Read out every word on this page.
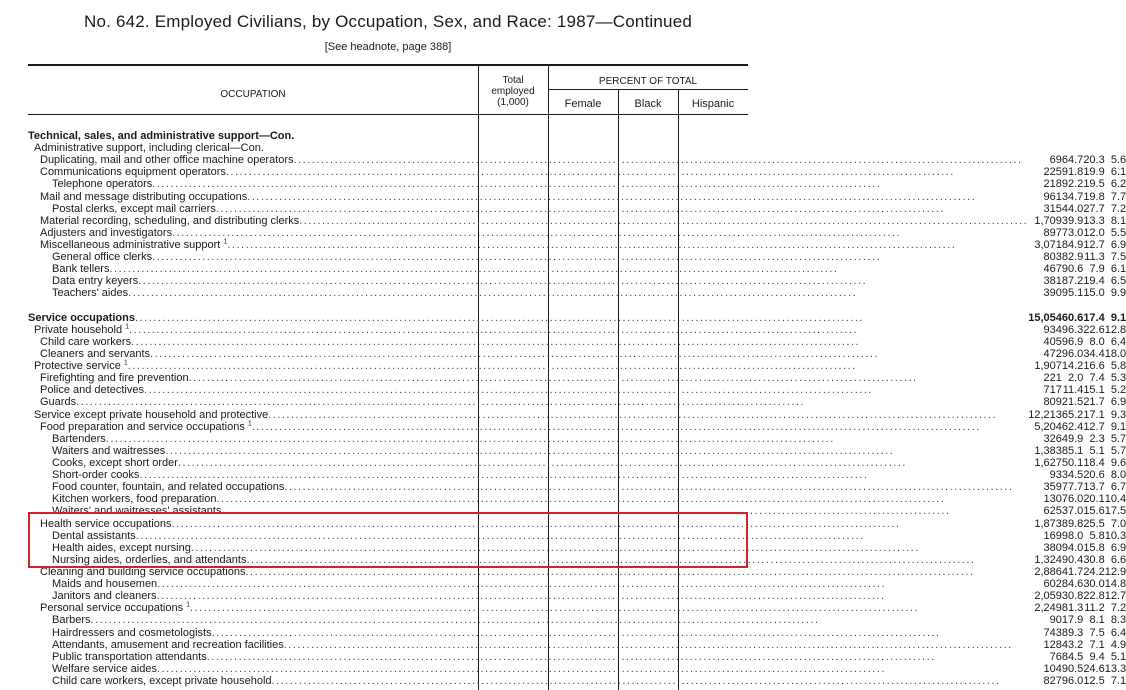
No. 642. Employed Civilians, by Occupation, Sex, and Race: 1987—Continued
[See headnote, page 388]
OCCUPATION
Total
employed
(1,000)
PERCENT OF TOTAL
Female	Black	Hispanic
Technical, sales, and administrative support—Con.				

Administrative support, including clerical—Con.				

Duplicating, mail and other office machine operators ................................................................................................................................................................	69	64.7	20.3	5.6

Communications equipment operators ................................................................................................................................................................	225	91.8	19.9	6.1

Telephone operators ................................................................................................................................................................	218	92.2	19.5	6.2

Mail and message distributing occupations ................................................................................................................................................................	961	34.7	19.8	7.7

Postal clerks, except mail carriers ................................................................................................................................................................	315	44.0	27.7	7.2

Material recording, scheduling, and distributing clerks ................................................................................................................................................................	1,709	39.9	13.3	8.1

Adjusters and investigators ................................................................................................................................................................	897	73.0	12.0	5.5

Miscellaneous administrative support $^1$ ................................................................................................................................................................	3,071	84.9	12.7	6.9

General office clerks ................................................................................................................................................................	803	82.9	11.3	7.5

Bank tellers ................................................................................................................................................................	467	90.6	7.9	6.1

Data entry keyers ................................................................................................................................................................	381	87.2	19.4	6.5

Teachers' aides ................................................................................................................................................................	390	95.1	15.0	9.9

Service occupations ................................................................................................................................................................	15,054	60.6	17.4	9.1

Private household $^1$ ................................................................................................................................................................	934	96.3	22.6	12.8

Child care workers ................................................................................................................................................................	405	96.9	8.0	6.4

Cleaners and servants ................................................................................................................................................................	472	96.0	34.4	18.0

Protective service $^1$ ................................................................................................................................................................	1,907	14.2	16.6	5.8

Firefighting and fire prevention ................................................................................................................................................................	221	2.0	7.4	5.3

Police and detectives ................................................................................................................................................................	717	11.4	15.1	5.2

Guards ................................................................................................................................................................	809	21.5	21.7	6.9

Service except private household and protective ................................................................................................................................................................	12,213	65.2	17.1	9.3

Food preparation and service occupations $^1$ ................................................................................................................................................................	5,204	62.4	12.7	9.1

Bartenders ................................................................................................................................................................	326	49.9	2.3	5.7

Waiters and waitresses ................................................................................................................................................................	1,383	85.1	5.1	5.7

Cooks, except short order ................................................................................................................................................................	1,627	50.1	18.4	9.6

Short-order cooks ................................................................................................................................................................	93	34.5	20.6	8.0

Food counter, fountain, and related occupations ................................................................................................................................................................	359	77.7	13.7	6.7

Kitchen workers, food preparation ................................................................................................................................................................	130	76.0	20.1	10.4

Waiters' and waitresses' assistants ................................................................................................................................................................	625	37.0	15.6	17.5

Health service occupations ................................................................................................................................................................	1,873	89.8	25.5	7.0

Dental assistants ................................................................................................................................................................	169	98.0	5.8	10.3

Health aides, except nursing ................................................................................................................................................................	380	94.0	15.8	6.9

Nursing aides, orderlies, and attendants ................................................................................................................................................................	1,324	90.4	30.8	6.6

Cleaning and building service occupations ................................................................................................................................................................	2,886	41.7	24.2	12.9

Maids and housemen ................................................................................................................................................................	602	84.6	30.0	14.8

Janitors and cleaners ................................................................................................................................................................	2,059	30.8	22.8	12.7

Personal service occupations $^1$ ................................................................................................................................................................	2,249	81.3	11.2	7.2

Barbers ................................................................................................................................................................	90	17.9	8.1	8.3

Hairdressers and cosmetologists ................................................................................................................................................................	743	89.3	7.5	6.4

Attendants, amusement and recreation facilities ................................................................................................................................................................	128	43.2	7.1	4.9

Public transportation attendants ................................................................................................................................................................	76	84.5	9.4	5.1

Welfare service aides ................................................................................................................................................................	104	90.5	24.6	13.3

Child care workers, except private household ................................................................................................................................................................	827	96.0	12.5	7.1
